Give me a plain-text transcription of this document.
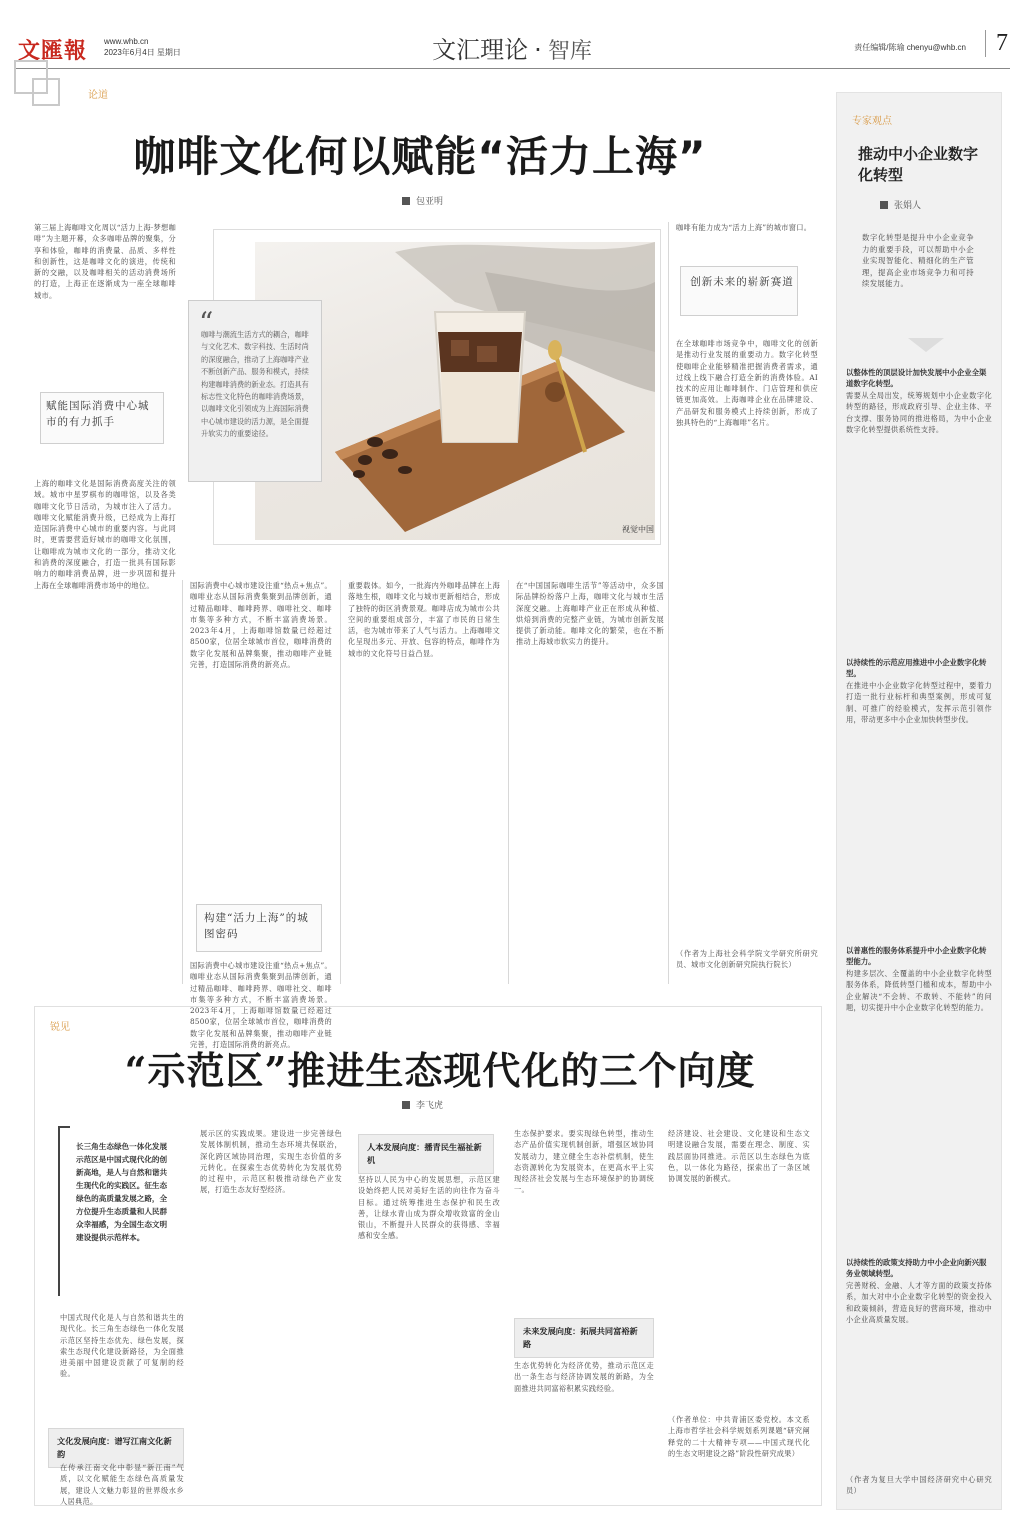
文匯報 www.whb.cn
2023年6月4日 星期日	文汇理论 · 智库	责任编辑/陈瑜 chenyu@whb.cn	7
论道
咖啡文化何以赋能“活力上海”
包亚明
第三届上海咖啡文化周以“活力上海·梦想咖啡”为主题开幕，众多咖啡品牌的聚集，分享和体验，咖啡的消费量、品质、多样性和创新性，这是咖啡文化的演进，传统和新的交融，以及咖啡相关的活动消费场所的打造，上海正在逐渐成为一座全球咖啡城市。
赋能国际消费中心城市的有力抓手
上海的咖啡文化是国际消费高度关注的领域。城市中星罗棋布的咖啡馆，以及各类咖啡文化节日活动，为城市注入了活力。咖啡文化赋能消费升级，已经成为上海打造国际消费中心城市的重要内容。与此同时，更需要营造好城市的咖啡文化氛围，让咖啡成为城市文化的一部分，推动文化和消费的深度融合，打造一批具有国际影响力的咖啡消费品牌，进一步巩固和提升上海在全球咖啡消费市场中的地位。
视觉中国
“
咖啡与潮流生活方式的耦合，咖啡与文化艺术、数字科技、生活时尚的深度融合，推动了上海咖啡产业不断创新产品、服务和模式，持续构建咖啡消费的新业态。打造具有标志性文化特色的咖啡消费场景，以咖啡文化引领成为上海国际消费中心城市建设的活力源，是全面提升软实力的重要途径。
创新未来的崭新赛道
咖啡有能力成为“活力上海”的城市窗口。
在全球咖啡市场竞争中，咖啡文化的创新是推动行业发展的重要动力。数字化转型使咖啡企业能够精准把握消费者需求，通过线上线下融合打造全新的消费体验。AI技术的应用让咖啡制作、门店管理和供应链更加高效。上海咖啡企业在品牌建设、产品研发和服务模式上持续创新，形成了独具特色的“上海咖啡”名片。
（作者为上海社会科学院文学研究所研究员、城市文化创新研究院执行院长）
国际消费中心城市建设注重“热点+焦点”。咖啡业态从国际消费集聚到品牌创新，通过精品咖啡、咖啡跨界、咖啡社交、咖啡市集等多种方式，不断丰富消费场景。2023年4月，上海咖啡馆数量已经超过8500家，位居全球城市首位，咖啡消费的数字化发展和品牌集聚，推动咖啡产业链完善，打造国际消费的新亮点。
构建“活力上海”的城图密码
国际消费中心城市建设注重“热点+焦点”。咖啡业态从国际消费集聚到品牌创新，通过精品咖啡、咖啡跨界、咖啡社交、咖啡市集等多种方式，不断丰富消费场景。2023年4月，上海咖啡馆数量已经超过8500家，位居全球城市首位，咖啡消费的数字化发展和品牌集聚，推动咖啡产业链完善，打造国际消费的新亮点。
重要载体。如今，一批海内外咖啡品牌在上海落地生根，咖啡文化与城市更新相结合，形成了独特的街区消费景观。咖啡店成为城市公共空间的重要组成部分，丰富了市民的日常生活，也为城市带来了人气与活力。上海咖啡文化呈现出多元、开放、包容的特点，咖啡作为城市的文化符号日益凸显。
在“中国国际咖啡生活节”等活动中，众多国际品牌纷纷落户上海，咖啡文化与城市生活深度交融。上海咖啡产业正在形成从种植、烘焙到消费的完整产业链，为城市创新发展提供了新动能。咖啡文化的繁荣，也在不断推动上海城市软实力的提升。
专家观点
推动中小企业数字化转型
张娟人
数字化转型是提升中小企业竞争力的重要手段，可以帮助中小企业实现智能化、精细化的生产管理，提高企业市场竞争力和可持续发展能力。
以整体性的顶层设计加快发展中小企业全渠道数字化转型。
需要从全局出发，统筹规划中小企业数字化转型的路径，形成政府引导、企业主体、平台支撑、服务协同的推进格局，为中小企业数字化转型提供系统性支持。
以持续性的示范应用推进中小企业数字化转型。
在推进中小企业数字化转型过程中，要着力打造一批行业标杆和典型案例，形成可复制、可推广的经验模式，发挥示范引领作用，带动更多中小企业加快转型步伐。
以普惠性的服务体系提升中小企业数字化转型能力。
构建多层次、全覆盖的中小企业数字化转型服务体系，降低转型门槛和成本，帮助中小企业解决“不会转、不敢转、不能转”的问题，切实提升中小企业数字化转型的能力。
以持续性的政策支持助力中小企业向新兴服务业领域转型。
完善财税、金融、人才等方面的政策支持体系，加大对中小企业数字化转型的资金投入和政策倾斜，营造良好的营商环境，推动中小企业高质量发展。
（作者为复旦大学中国经济研究中心研究员）
锐见
“示范区”推进生态现代化的三个向度
李飞虎
长三角生态绿色一体化发展示范区是中国式现代化的创新高地，是人与自然和谐共生现代化的实践区。征生态绿色的高质量发展之路，全方位提升生态质量和人民群众幸福感，为全国生态文明建设提供示范样本。
中国式现代化是人与自然和谐共生的现代化。长三角生态绿色一体化发展示范区坚持生态优先、绿色发展，探索生态现代化建设新路径，为全面推进美丽中国建设贡献了可复制的经验。
文化发展向度：谱写江南文化新韵
在传承江南文化中彰显“新江南”气质，以文化赋能生态绿色高质量发展，建设人文魅力彰显的世界级水乡人居典范。
展示区的实践成果。建设进一步完善绿色发展体制机制，推动生态环境共保联治，深化跨区域协同治理，实现生态价值的多元转化。在探索生态优势转化为发展优势的过程中，示范区积极推动绿色产业发展，打造生态友好型经济。
人本发展向度：播青民生福祉新机
坚持以人民为中心的发展思想，示范区建设始终把人民对美好生活的向往作为奋斗目标。通过统筹推进生态保护和民生改善，让绿水青山成为群众增收致富的金山银山，不断提升人民群众的获得感、幸福感和安全感。
生态保护要求。要实现绿色转型，推动生态产品价值实现机制创新，增强区域协同发展动力，建立健全生态补偿机制，使生态资源转化为发展资本，在更高水平上实现经济社会发展与生态环境保护的协调统一。
未来发展向度：拓展共同富裕新路
生态优势转化为经济优势，推动示范区走出一条生态与经济协调发展的新路，为全面推进共同富裕积累实践经验。
经济建设、社会建设、文化建设和生态文明建设融合发展，需要在理念、制度、实践层面协同推进。示范区以生态绿色为底色，以一体化为路径，探索出了一条区域协调发展的新模式。
（作者单位：中共青浦区委党校。本文系上海市哲学社会科学规划系列课题“研究阐释党的二十大精神专项——中国式现代化的生态文明建设之路”阶段性研究成果）
